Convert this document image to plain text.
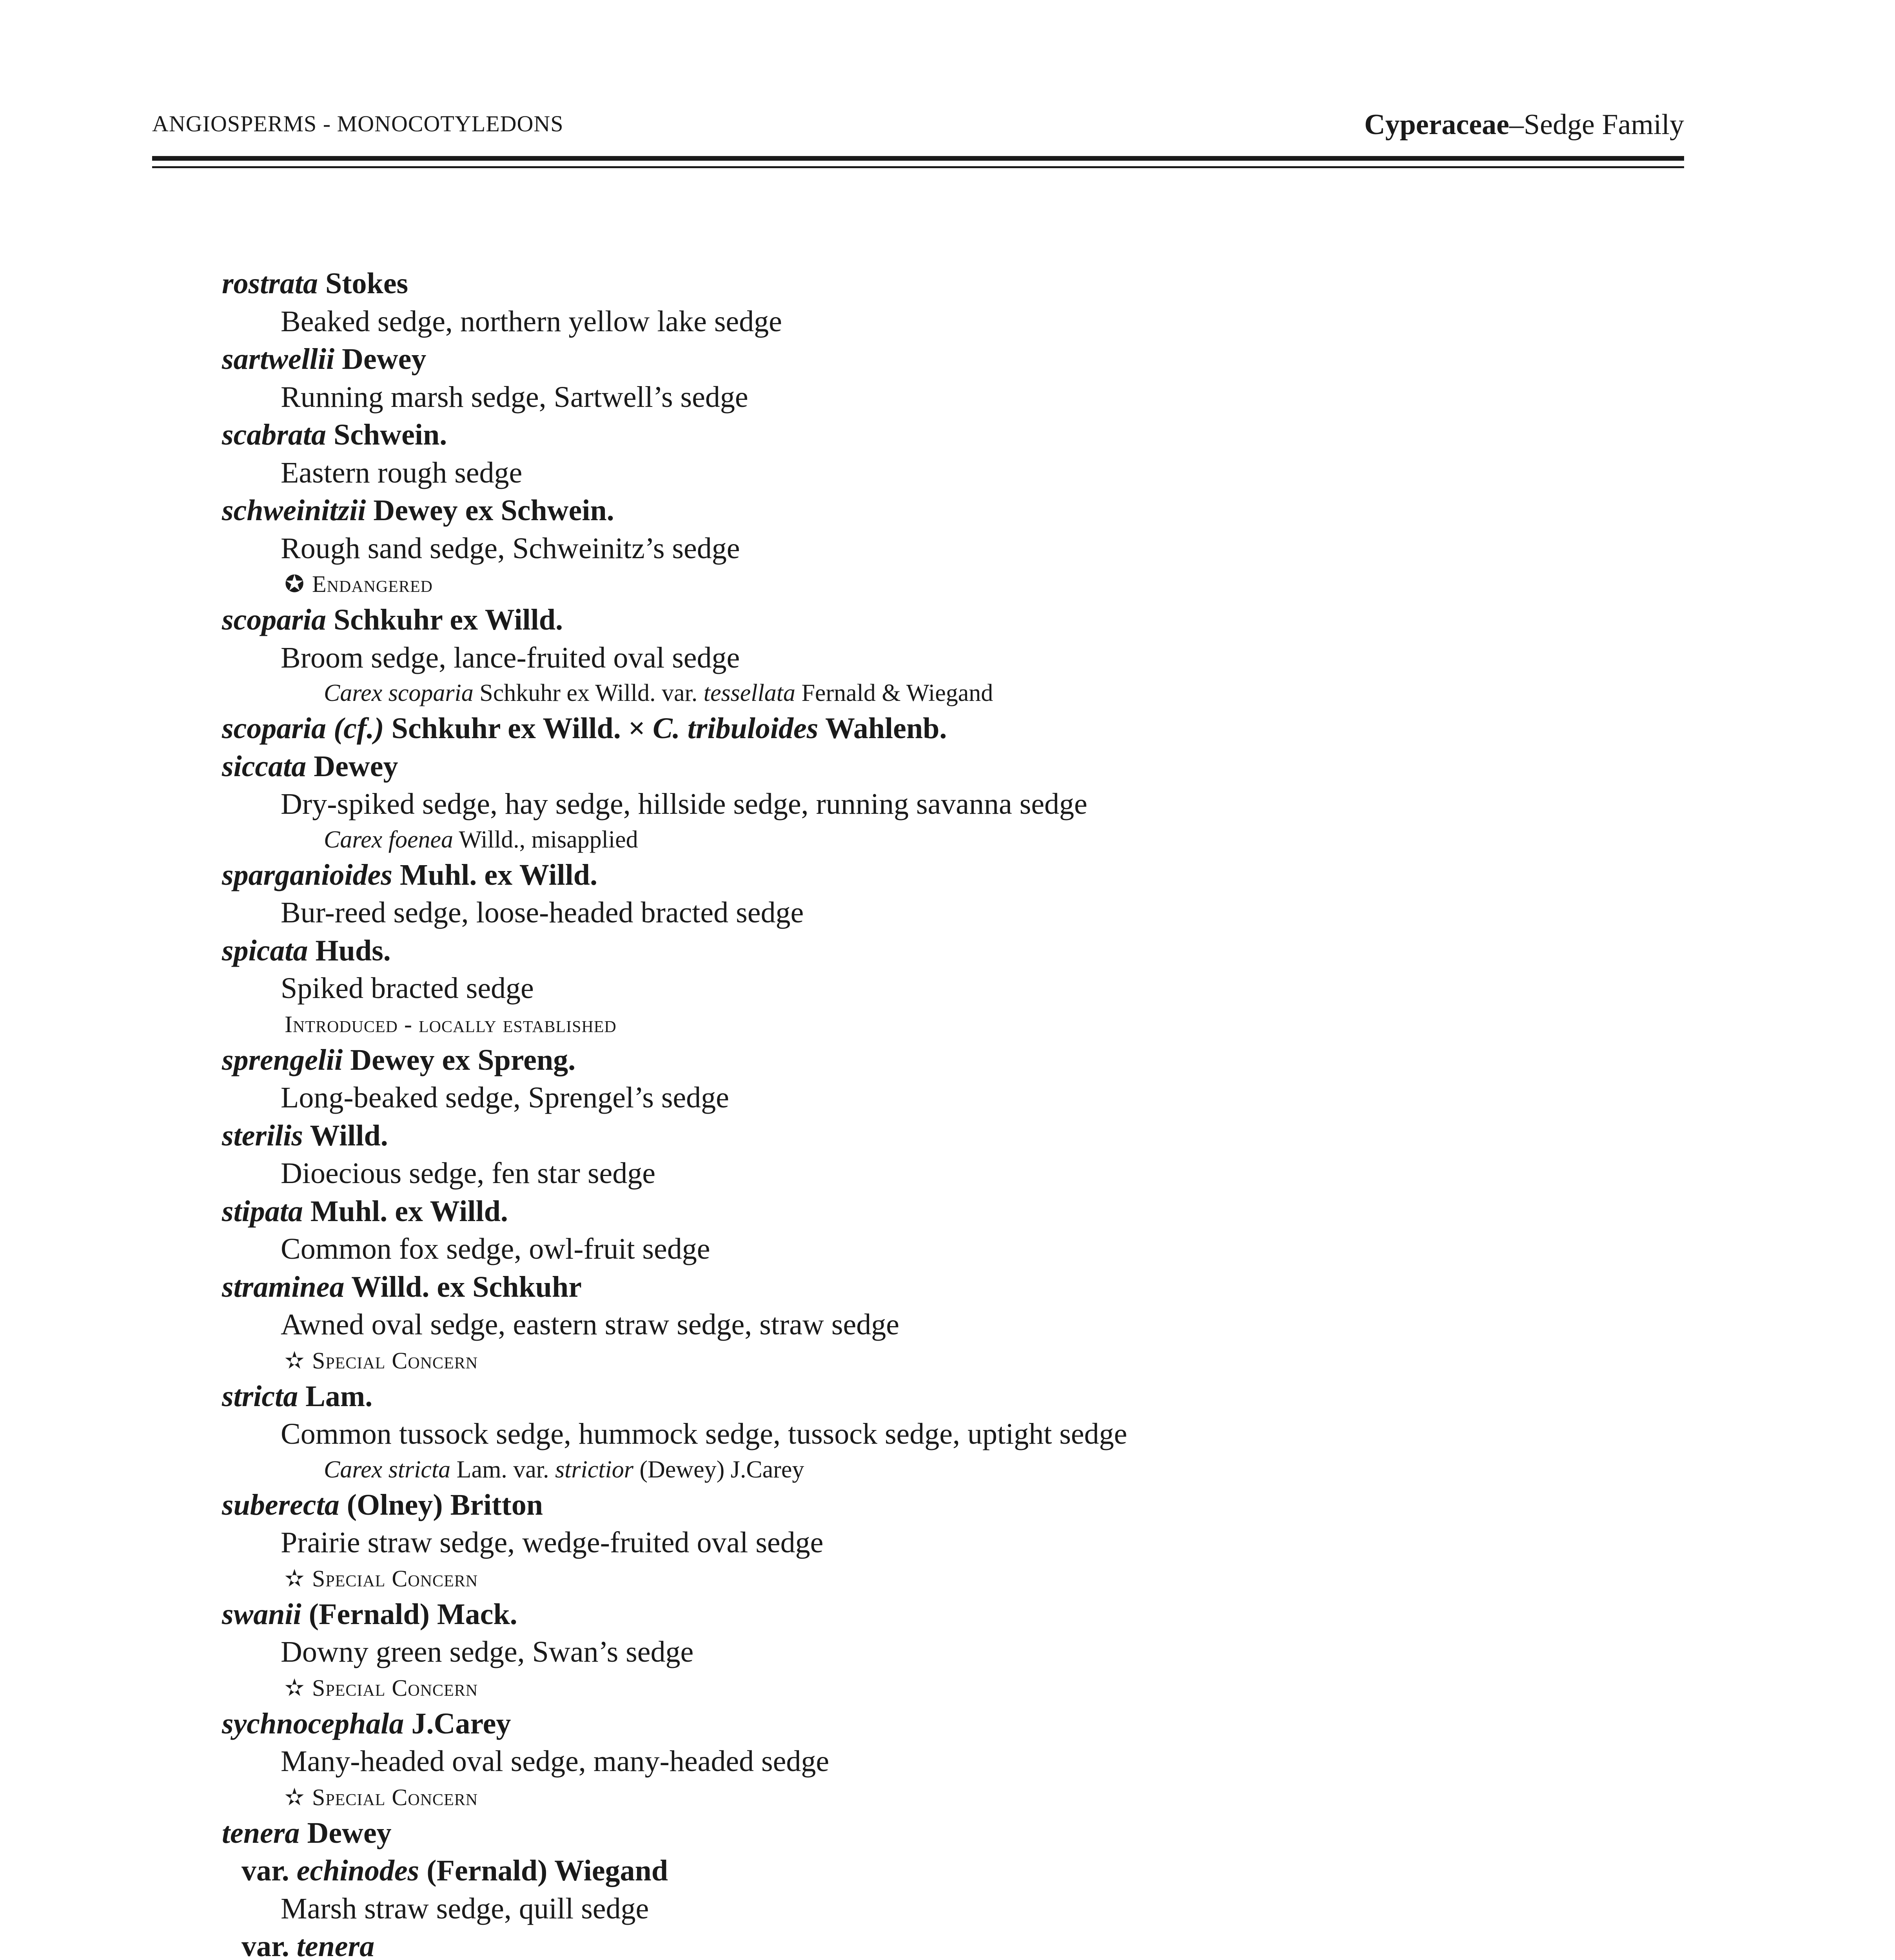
ANGIOSPERMS - MONOCOTYLEDONS	Cyperaceae–Sedge Family
rostrata Stokes
Beaked sedge, northern yellow lake sedge
sartwellii Dewey
Running marsh sedge, Sartwell’s sedge
scabrata Schwein.
Eastern rough sedge
schweinitzii Dewey ex Schwein.
Rough sand sedge, Schweinitz’s sedge
✪ Endangered
scoparia Schkuhr ex Willd.
Broom sedge, lance-fruited oval sedge
Carex scoparia Schkuhr ex Willd. var. tessellata Fernald & Wiegand
scoparia (cf.) Schkuhr ex Willd. × C. tribuloides Wahlenb.
siccata Dewey
Dry-spiked sedge, hay sedge, hillside sedge, running savanna sedge
Carex foenea Willd., misapplied
sparganioides Muhl. ex Willd.
Bur-reed sedge, loose-headed bracted sedge
spicata Huds.
Spiked bracted sedge
Introduced - locally established
sprengelii Dewey ex Spreng.
Long-beaked sedge, Sprengel’s sedge
sterilis Willd.
Dioecious sedge, fen star sedge
stipata Muhl. ex Willd.
Common fox sedge, owl-fruit sedge
straminea Willd. ex Schkuhr
Awned oval sedge, eastern straw sedge, straw sedge
✫ Special Concern
stricta Lam.
Common tussock sedge, hummock sedge, tussock sedge, uptight sedge
Carex stricta Lam. var. strictior (Dewey) J.Carey
suberecta (Olney) Britton
Prairie straw sedge, wedge-fruited oval sedge
✫ Special Concern
swanii (Fernald) Mack.
Downy green sedge, Swan’s sedge
✫ Special Concern
sychnocephala J.Carey
Many-headed oval sedge, many-headed sedge
✫ Special Concern
tenera Dewey
var. echinodes (Fernald) Wiegand
Marsh straw sedge, quill sedge
var. tenera
